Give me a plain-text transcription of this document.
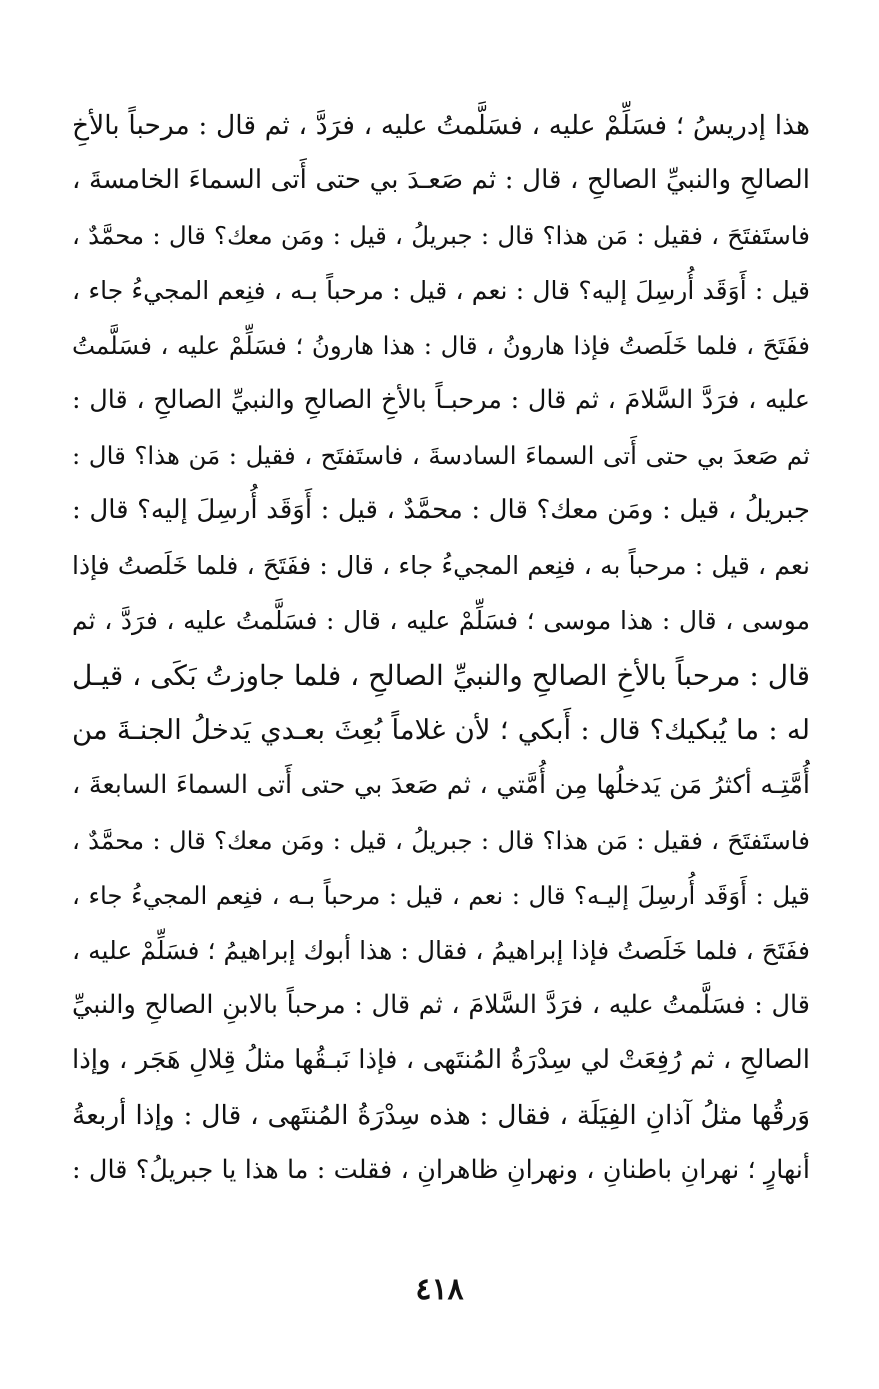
هذا إدريسُ ؛ فسَلِّمْ عليه ، فسَلَّمتُ عليه ، فرَدَّ ، ثم قال : مرحباً بالأخِ
الصالحِ والنبيِّ الصالحِ ، قال : ثم صَعـدَ بي حتى أَتى السماءَ الخامسةَ ،
فاستَفتَحَ ، فقيل : مَن هذا؟ قال : جبريلُ ، قيل : ومَن معك؟ قال : محمَّدٌ ،
قيل : أَوَقَد أُرسِلَ إليه؟ قال : نعم ، قيل : مرحباً بـه ، فنِعم المجيءُ جاء ،
ففَتَحَ ، فلما خَلَصتُ فإذا هارونُ ، قال : هذا هارونُ ؛ فسَلِّمْ عليه ، فسَلَّمتُ
عليه ، فرَدَّ السَّلامَ ، ثم قال : مرحبـاً بالأخِ الصالحِ والنبيِّ الصالحِ ، قال :
ثم صَعدَ بي حتى أَتى السماءَ السادسةَ ، فاستَفتَح ، فقيل : مَن هذا؟ قال :
جبريلُ ، قيل : ومَن معك؟ قال : محمَّدٌ ، قيل : أَوَقَد أُرسِلَ إليه؟ قال :
نعم ، قيل : مرحباً به ، فنِعم المجيءُ جاء ، قال : ففَتَحَ ، فلما خَلَصتُ فإذا
موسى ، قال : هذا موسى ؛ فسَلِّمْ عليه ، قال : فسَلَّمتُ عليه ، فرَدَّ ، ثم
قال : مرحباً بالأخِ الصالحِ والنبيِّ الصالحِ ، فلما جاوزتُ بَكَى ، قيـل
له : ما يُبكيك؟ قال : أَبكي ؛ لأن غلاماً بُعِثَ بعـدي يَدخلُ الجنـةَ من
أُمَّتِـه أكثرُ مَن يَدخلُها مِن أُمَّتي ، ثم صَعدَ بي حتى أَتى السماءَ السابعةَ ،
فاستَفتَحَ ، فقيل : مَن هذا؟ قال : جبريلُ ، قيل : ومَن معك؟ قال : محمَّدٌ ،
قيل : أَوَقَد أُرسِلَ إليـه؟ قال : نعم ، قيل : مرحباً بـه ، فنِعم المجيءُ جاء ،
ففَتَحَ ، فلما خَلَصتُ فإذا إبراهيمُ ، فقال : هذا أبوك إبراهيمُ ؛ فسَلِّمْ عليه ،
قال : فسَلَّمتُ عليه ، فرَدَّ السَّلامَ ، ثم قال : مرحباً بالابنِ الصالحِ والنبيِّ
الصالحِ ، ثم رُفِعَتْ لي سِدْرَةُ المُنتَهى ، فإذا نَبـقُها مثلُ قِلالِ هَجَر ، وإذا
وَرقُها مثلُ آذانِ الفِيَلَة ، فقال : هذه سِدْرَةُ المُنتَهى ، قال : وإذا أربعةُ
أنهارٍ ؛ نهرانِ باطنانِ ، ونهرانِ ظاهرانِ ، فقلت : ما هذا يا جبريلُ؟ قال :
٤١٨
